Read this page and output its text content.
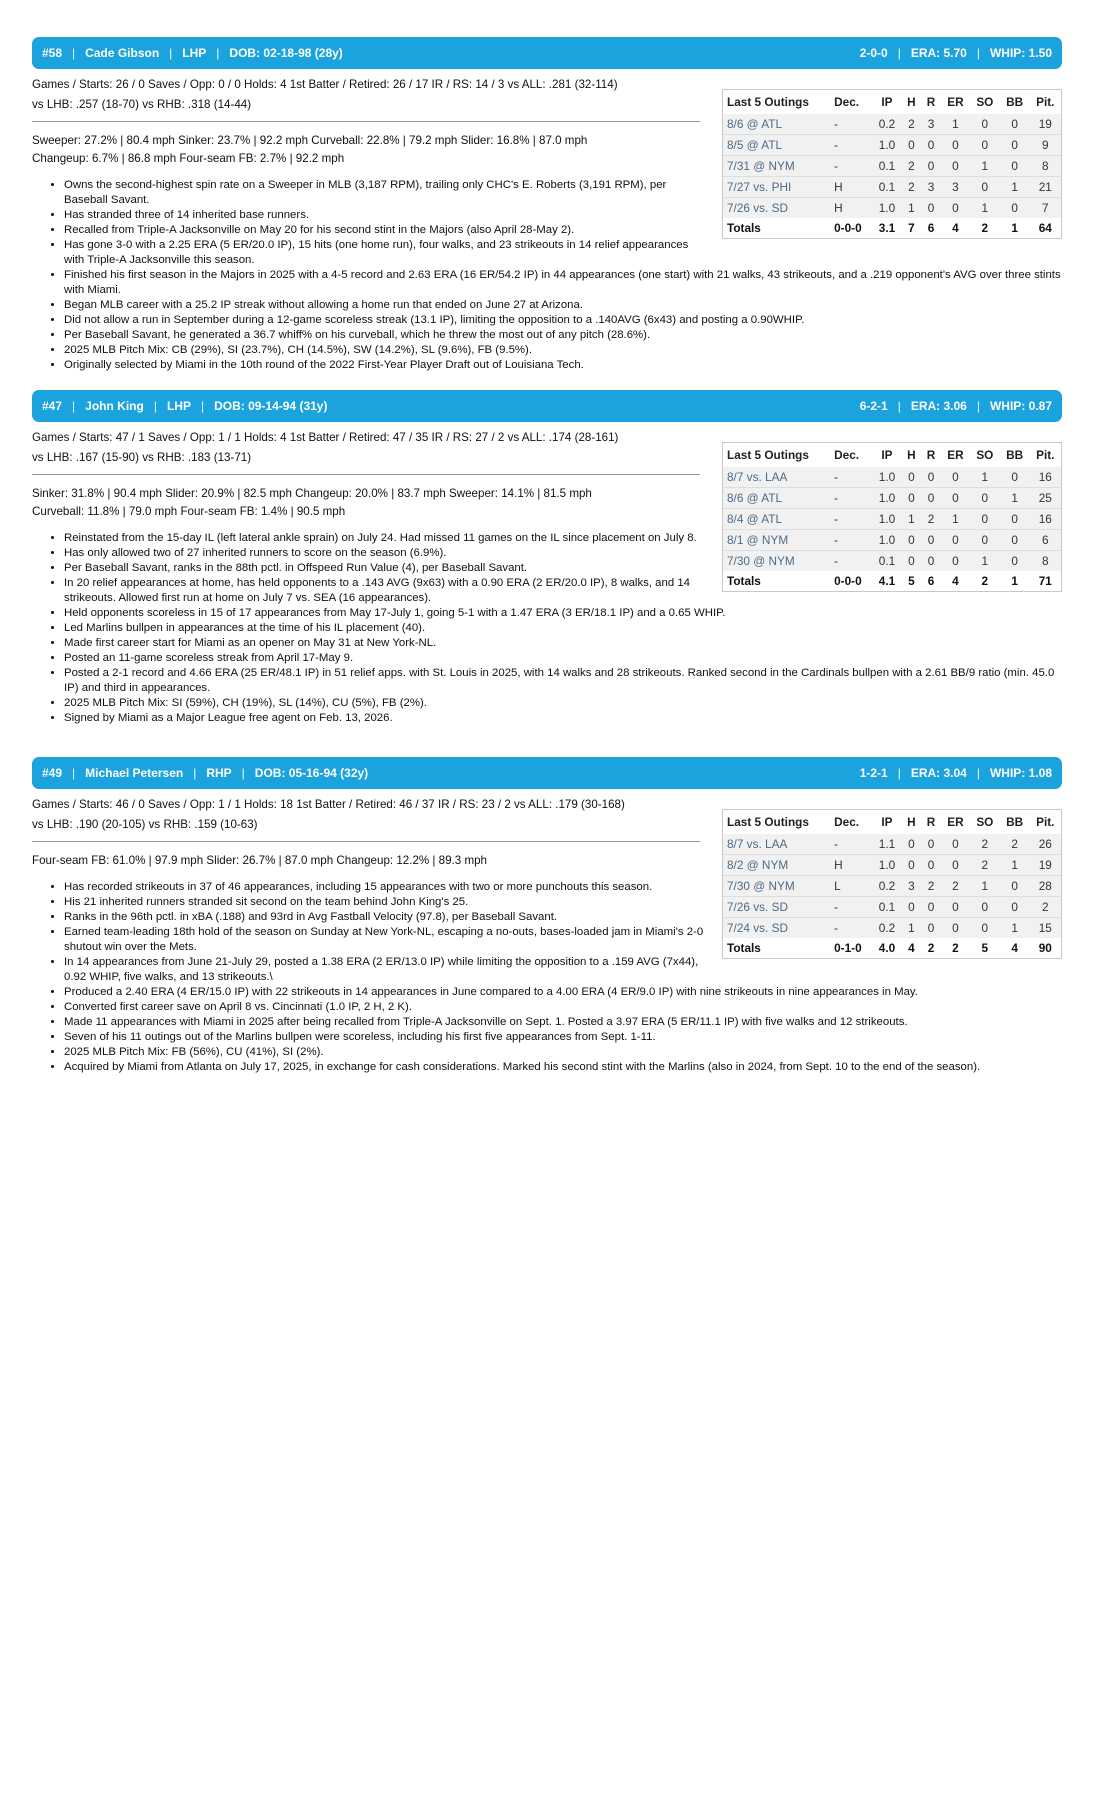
#58 | Cade Gibson | LHP | DOB: 02-18-98 (28y)	2-0-0 | ERA: 5.70 | WHIP: 1.50
Games / Starts: 26 / 0 Saves / Opp: 0 / 0 Holds: 4 1st Batter / Retired: 26 / 17 IR / RS: 14 / 3 vs ALL: .281 (32-114)
vs LHB: .257 (18-70) vs RHB: .318 (14-44)
Sweeper: 27.2% | 80.4 mph Sinker: 23.7% | 92.2 mph Curveball: 22.8% | 79.2 mph Slider: 16.8% | 87.0 mph
Changeup: 6.7% | 86.8 mph Four-seam FB: 2.7% | 92.2 mph
• Owns the second-highest spin rate on a Sweeper in MLB (3,187 RPM), trailing only CHC's E. Roberts (3,191 RPM), per Baseball Savant.
• Has stranded three of 14 inherited base runners.
• Recalled from Triple-A Jacksonville on May 20 for his second stint in the Majors (also April 28-May 2).
• Has gone 3-0 with a 2.25 ERA (5 ER/20.0 IP), 15 hits (one home run), four walks, and 23 strikeouts in 14 relief appearances with Triple-A Jacksonville this season.
• Finished his first season in the Majors in 2025 with a 4-5 record and 2.63 ERA (16 ER/54.2 IP) in 44 appearances (one start) with 21 walks, 43 strikeouts, and a .219 opponent's AVG over three stints with Miami.
• Began MLB career with a 25.2 IP streak without allowing a home run that ended on June 27 at Arizona.
• Did not allow a run in September during a 12-game scoreless streak (13.1 IP), limiting the opposition to a .140AVG (6x43) and posting a 0.90WHIP.
• Per Baseball Savant, he generated a 36.7 whiff% on his curveball, which he threw the most out of any pitch (28.6%).
• 2025 MLB Pitch Mix: CB (29%), SI (23.7%), CH (14.5%), SW (14.2%), SL (9.6%), FB (9.5%).
• Originally selected by Miami in the 10th round of the 2022 First-Year Player Draft out of Louisiana Tech.
Last 5 Outings	Dec.	IP	H	R	ER	SO	BB	Pit.
8/6 @ ATL	-	0.2	2	3	1	0	0	19
8/5 @ ATL	-	1.0	0	0	0	0	0	9
7/31 @ NYM	-	0.1	2	0	0	1	0	8
7/27 vs. PHI	H	0.1	2	3	3	0	1	21
7/26 vs. SD	H	1.0	1	0	0	1	0	7
Totals	0-0-0	3.1	7	6	4	2	1	64
#47 | John King | LHP | DOB: 09-14-94 (31y)	6-2-1 | ERA: 3.06 | WHIP: 0.87
Games / Starts: 47 / 1 Saves / Opp: 1 / 1 Holds: 4 1st Batter / Retired: 47 / 35 IR / RS: 27 / 2 vs ALL: .174 (28-161)
vs LHB: .167 (15-90) vs RHB: .183 (13-71)
Sinker: 31.8% | 90.4 mph Slider: 20.9% | 82.5 mph Changeup: 20.0% | 83.7 mph Sweeper: 14.1% | 81.5 mph
Curveball: 11.8% | 79.0 mph Four-seam FB: 1.4% | 90.5 mph
• Reinstated from the 15-day IL (left lateral ankle sprain) on July 24. Had missed 11 games on the IL since placement on July 8.
• Has only allowed two of 27 inherited runners to score on the season (6.9%).
• Per Baseball Savant, ranks in the 88th pctl. in Offspeed Run Value (4), per Baseball Savant.
• In 20 relief appearances at home, has held opponents to a .143 AVG (9x63) with a 0.90 ERA (2 ER/20.0 IP), 8 walks, and 14 strikeouts. Allowed first run at home on July 7 vs. SEA (16 appearances).
• Held opponents scoreless in 15 of 17 appearances from May 17-July 1, going 5-1 with a 1.47 ERA (3 ER/18.1 IP) and a 0.65 WHIP.
• Led Marlins bullpen in appearances at the time of his IL placement (40).
• Made first career start for Miami as an opener on May 31 at New York-NL.
• Posted an 11-game scoreless streak from April 17-May 9.
• Posted a 2-1 record and 4.66 ERA (25 ER/48.1 IP) in 51 relief apps. with St. Louis in 2025, with 14 walks and 28 strikeouts. Ranked second in the Cardinals bullpen with a 2.61 BB/9 ratio (min. 45.0 IP) and third in appearances.
• 2025 MLB Pitch Mix: SI (59%), CH (19%), SL (14%), CU (5%), FB (2%).
• Signed by Miami as a Major League free agent on Feb. 13, 2026.
Last 5 Outings	Dec.	IP	H	R	ER	SO	BB	Pit.
8/7 vs. LAA	-	1.0	0	0	0	1	0	16
8/6 @ ATL	-	1.0	0	0	0	0	1	25
8/4 @ ATL	-	1.0	1	2	1	0	0	16
8/1 @ NYM	-	1.0	0	0	0	0	0	6
7/30 @ NYM	-	0.1	0	0	0	1	0	8
Totals	0-0-0	4.1	5	6	4	2	1	71
#49 | Michael Petersen | RHP | DOB: 05-16-94 (32y)	1-2-1 | ERA: 3.04 | WHIP: 1.08
Games / Starts: 46 / 0 Saves / Opp: 1 / 1 Holds: 18 1st Batter / Retired: 46 / 37 IR / RS: 23 / 2 vs ALL: .179 (30-168)
vs LHB: .190 (20-105) vs RHB: .159 (10-63)
Four-seam FB: 61.0% | 97.9 mph Slider: 26.7% | 87.0 mph Changeup: 12.2% | 89.3 mph
• Has recorded strikeouts in 37 of 46 appearances, including 15 appearances with two or more punchouts this season.
• His 21 inherited runners stranded sit second on the team behind John King's 25.
• Ranks in the 96th pctl. in xBA (.188) and 93rd in Avg Fastball Velocity (97.8), per Baseball Savant.
• Earned team-leading 18th hold of the season on Sunday at New York-NL, escaping a no-outs, bases-loaded jam in Miami's 2-0 shutout win over the Mets.
• In 14 appearances from June 21-July 29, posted a 1.38 ERA (2 ER/13.0 IP) while limiting the opposition to a .159 AVG (7x44), 0.92 WHIP, five walks, and 13 strikeouts.\
• Produced a 2.40 ERA (4 ER/15.0 IP) with 22 strikeouts in 14 appearances in June compared to a 4.00 ERA (4 ER/9.0 IP) with nine strikeouts in nine appearances in May.
• Converted first career save on April 8 vs. Cincinnati (1.0 IP, 2 H, 2 K).
• Made 11 appearances with Miami in 2025 after being recalled from Triple-A Jacksonville on Sept. 1. Posted a 3.97 ERA (5 ER/11.1 IP) with five walks and 12 strikeouts.
• Seven of his 11 outings out of the Marlins bullpen were scoreless, including his first five appearances from Sept. 1-11.
• 2025 MLB Pitch Mix: FB (56%), CU (41%), SI (2%).
• Acquired by Miami from Atlanta on July 17, 2025, in exchange for cash considerations. Marked his second stint with the Marlins (also in 2024, from Sept. 10 to the end of the season).
Last 5 Outings	Dec.	IP	H	R	ER	SO	BB	Pit.
8/7 vs. LAA	-	1.1	0	0	0	2	2	26
8/2 @ NYM	H	1.0	0	0	0	2	1	19
7/30 @ NYM	L	0.2	3	2	2	1	0	28
7/26 vs. SD	-	0.1	0	0	0	0	0	2
7/24 vs. SD	-	0.2	1	0	0	0	1	15
Totals	0-1-0	4.0	4	2	2	5	4	90
